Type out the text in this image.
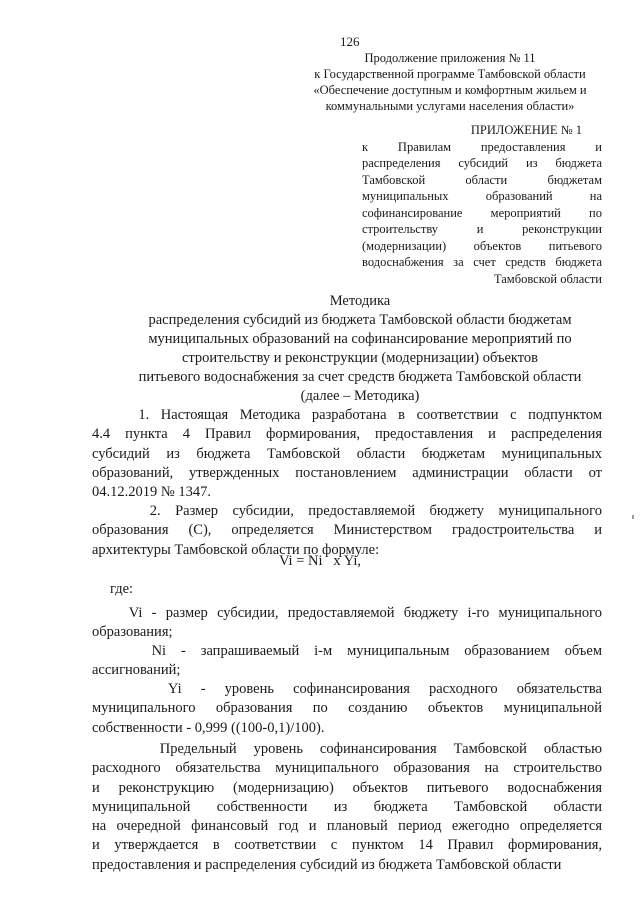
126
Продолжение приложения № 11
к Государственной программе Тамбовской области
«Обеспечение доступным и комфортным жильем и
коммунальными услугами населения области»
ПРИЛОЖЕНИЕ № 1
к Правилам предоставления и
распределения субсидий из бюджета
Тамбовской области бюджетам
муниципальных образований на
софинансирование мероприятий по
строительству и реконструкции
(модернизации) объектов питьевого
водоснабжения за счет средств бюджета
Тамбовской области
Методика
распределения субсидий из бюджета Тамбовской области бюджетам
муниципальных образований на софинансирование мероприятий по
строительству и реконструкции (модернизации) объектов
питьевого водоснабжения за счет средств бюджета Тамбовской области
(далее – Методика)
1. Настоящая Методика разработана в соответствии с подпунктом
4.4 пункта 4 Правил формирования, предоставления и распределения
субсидий из бюджета Тамбовской области бюджетам муниципальных
образований, утвержденных постановлением администрации области от
04.12.2019 № 1347.
2. Размер субсидии, предоставляемой бюджету муниципального
образования (С), определяется Министерством градостроительства и
архитектуры Тамбовской области по формуле:
Vi = Ni   x Yi,
где:
Vi - размер субсидии, предоставляемой бюджету i-го муниципального
образования;
Ni - запрашиваемый i-м муниципальным образованием объем
ассигнований;
Yi - уровень софинансирования расходного обязательства
муниципального образования по созданию объектов муниципальной
собственности - 0,999 ((100-0,1)/100).
Предельный уровень софинансирования Тамбовской областью
расходного обязательства муниципального образования на строительство
и реконструкцию (модернизацию) объектов питьевого водоснабжения
муниципальной собственности из бюджета Тамбовской области
на очередной финансовый год и плановый период ежегодно определяется
и утверждается в соответствии с пунктом 14 Правил формирования,
предоставления и распределения субсидий из бюджета Тамбовской области
